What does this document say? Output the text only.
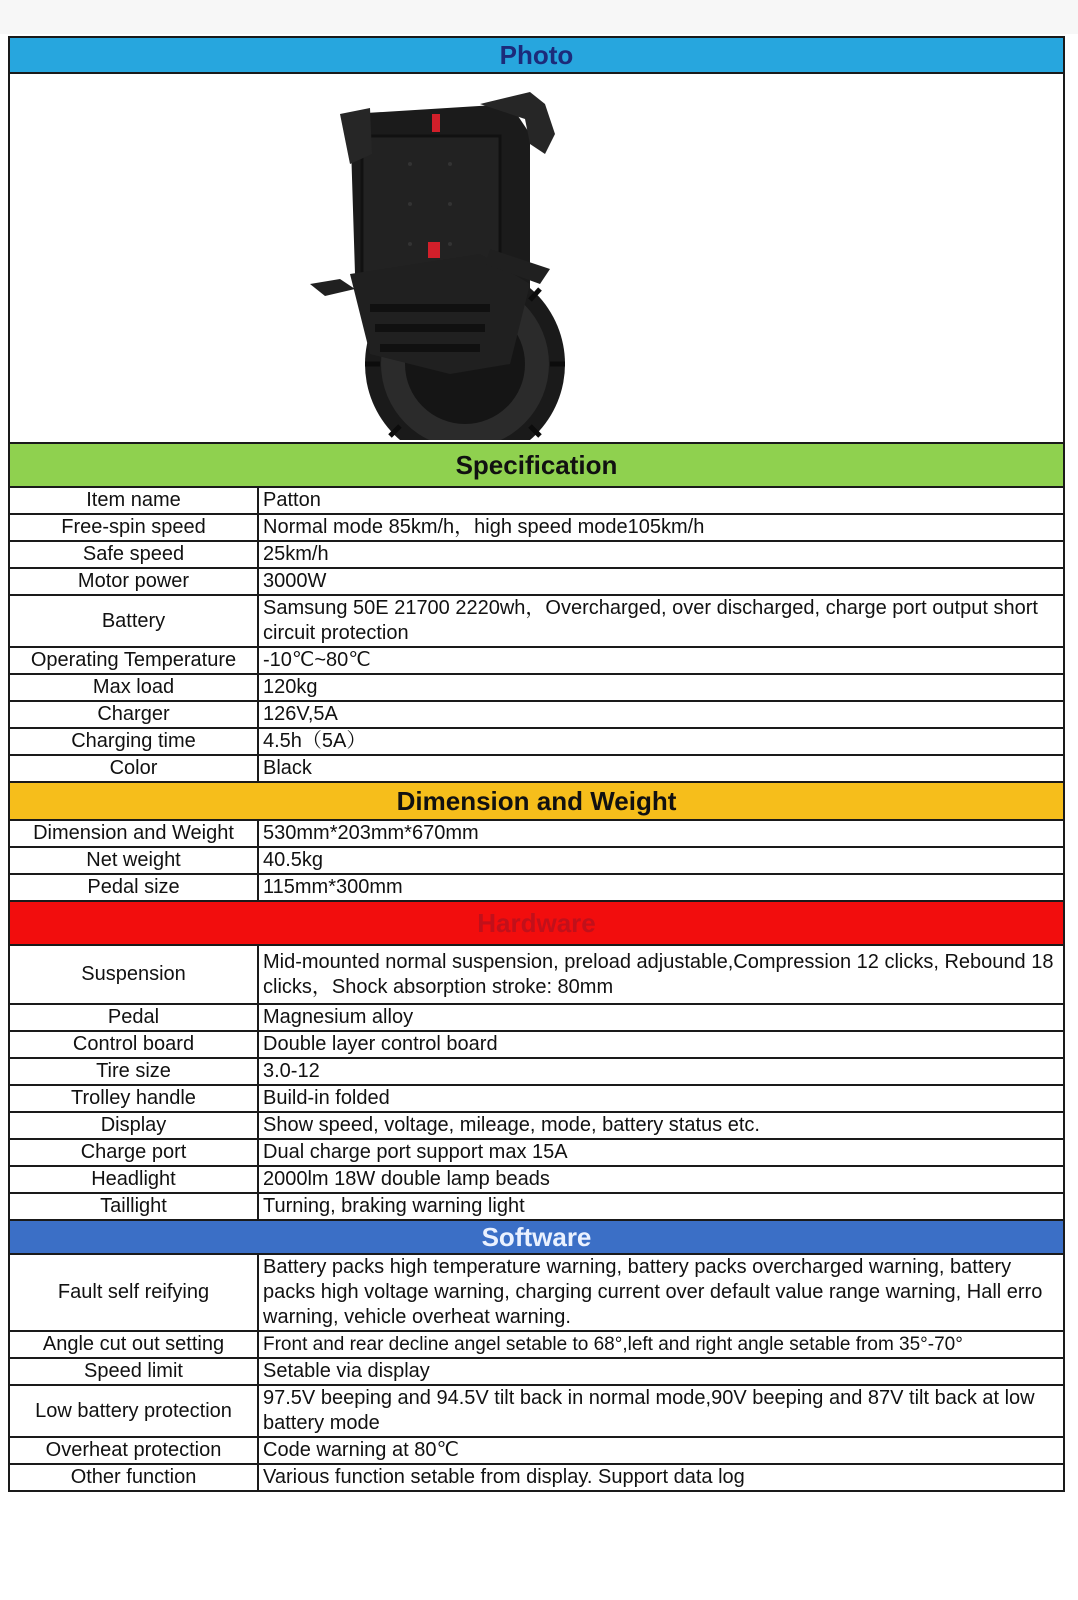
Photo
Specification
Item name	Patton
Free-spin speed	Normal mode 85km/h，high speed mode105km/h
Safe speed	25km/h
Motor power	3000W
Battery	Samsung 50E 21700 2220wh，Overcharged, over discharged, charge port output short circuit protection
Operating Temperature	-10℃~80℃
Max load	120kg
Charger	126V,5A
Charging time	4.5h（5A）
Color	Black
Dimension and Weight
Dimension and Weight	530mm*203mm*670mm
Net weight	40.5kg
Pedal size	115mm*300mm
Hardware
Suspension	Mid-mounted normal suspension, preload adjustable,Compression 12 clicks, Rebound 18 clicks，Shock absorption stroke: 80mm
Pedal	Magnesium alloy
Control board	Double layer control board
Tire size	3.0-12
Trolley handle	Build-in folded
Display	Show speed, voltage, mileage, mode, battery status etc.
Charge port	Dual charge port support max 15A
Headlight	2000lm 18W double lamp beads
Taillight	Turning, braking warning light
Software
Fault self reifying	Battery packs high temperature warning, battery packs overcharged warning, battery packs high voltage warning, charging current over default value range warning, Hall erro warning, vehicle overheat warning.
Angle cut out setting	Front and rear decline angel setable to 68°,left and right angle setable from 35°-70°
Speed limit	Setable via display
Low battery protection	97.5V beeping and 94.5V tilt back in normal mode,90V beeping and 87V tilt back at low battery mode
Overheat protection	Code warning at 80℃
Other function	Various function setable from display. Support data log
